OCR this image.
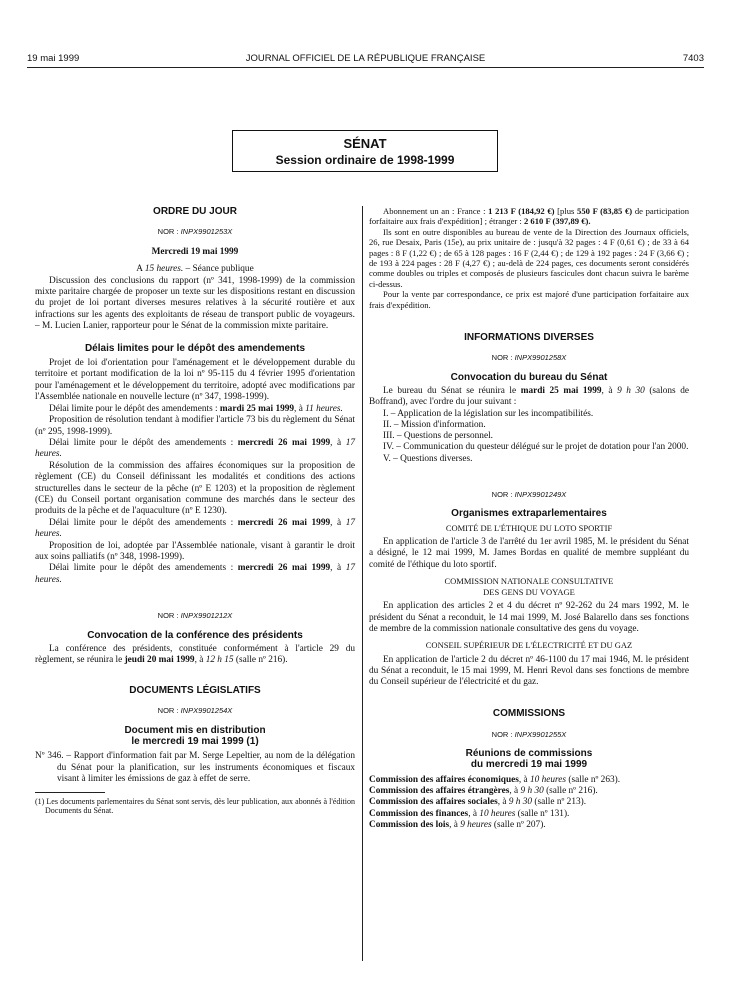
19 mai 1999	JOURNAL OFFICIEL DE LA RÉPUBLIQUE FRANÇAISE	7403
SÉNAT
Session ordinaire de 1998-1999
ORDRE DU JOUR
NOR : INPX9901253X
Mercredi 19 mai 1999
A 15 heures. – Séance publique

Discussion des conclusions du rapport (nº 341, 1998-1999) de la commission mixte paritaire chargée de proposer un texte sur les dispositions restant en discussion du projet de loi portant diverses mesures relatives à la sécurité routière et aux infractions sur les agents des exploitants de réseau de transport public de voyageurs. – M. Lucien Lanier, rapporteur pour le Sénat de la commission mixte paritaire.

Délais limites pour le dépôt des amendements

Projet de loi d'orientation pour l'aménagement et le développement durable du territoire et portant modification de la loi nº 95-115 du 4 février 1995 d'orientation pour l'aménagement et le développement du territoire, adopté avec modifications par l'Assemblée nationale en nouvelle lecture (nº 347, 1998-1999).

Délai limite pour le dépôt des amendements : mardi 25 mai 1999, à 11 heures.

Proposition de résolution tendant à modifier l'article 73 bis du règlement du Sénat (nº 295, 1998-1999).

Délai limite pour le dépôt des amendements : mercredi 26 mai 1999, à 17 heures.

Résolution de la commission des affaires économiques sur la proposition de règlement (CE) du Conseil définissant les modalités et conditions des actions structurelles dans le secteur de la pêche (nº E 1203) et la proposition de règlement (CE) du Conseil portant organisation commune des marchés dans le secteur des produits de la pêche et de l'aquaculture (nº E 1230).

Délai limite pour le dépôt des amendements : mercredi 26 mai 1999, à 17 heures.

Proposition de loi, adoptée par l'Assemblée nationale, visant à garantir le droit aux soins palliatifs (nº 348, 1998-1999).

Délai limite pour le dépôt des amendements : mercredi 26 mai 1999, à 17 heures.

NOR : INPX9901212X
Convocation de la conférence des présidents

La conférence des présidents, constituée conformément à l'article 29 du règlement, se réunira le jeudi 20 mai 1999, à 12 h 15 (salle nº 216).

DOCUMENTS LÉGISLATIFS
NOR : INPX9901254X
Document mis en distribution
le mercredi 19 mai 1999 (1)

Nº 346. – Rapport d'information fait par M. Serge Lepeltier, au nom de la délégation du Sénat pour la planification, sur les instruments économiques et fiscaux visant à limiter les émissions de gaz à effet de serre.

(1) Les documents parlementaires du Sénat sont servis, dès leur publication, aux abonnés à l'édition Documents du Sénat.

Abonnement un an : France : 1 213 F (184,92 €) [plus 550 F (83,85 €) de participation forfaitaire aux frais d'expédition] ; étranger : 2 610 F (397,89 €).

Ils sont en outre disponibles au bureau de vente de la Direction des Journaux officiels, 26, rue Desaix, Paris (15e), au prix unitaire de : jusqu'à 32 pages : 4 F (0,61 €) ; de 33 à 64 pages : 8 F (1,22 €) ; de 65 à 128 pages : 16 F (2,44 €) ; de 129 à 192 pages : 24 F (3,66 €) ; de 193 à 224 pages : 28 F (4,27 €) ; au-delà de 224 pages, ces documents seront considérés comme doubles ou triples et composés de plusieurs fascicules dont chacun suivra le barème ci-dessus.

Pour la vente par correspondance, ce prix est majoré d'une participation forfaitaire aux frais d'expédition.

INFORMATIONS DIVERSES
NOR : INPX9901258X
Convocation du bureau du Sénat

Le bureau du Sénat se réunira le mardi 25 mai 1999, à 9 h 30 (salons de Boffrand), avec l'ordre du jour suivant :

I. – Application de la législation sur les incompatibilités.

II. – Mission d'information.

III. – Questions de personnel.

IV. – Communication du questeur délégué sur le projet de dotation pour l'an 2000.

V. – Questions diverses.

NOR : INPX9901249X
Organismes extraparlementaires
COMITÉ DE L'ÉTHIQUE DU LOTO SPORTIF

En application de l'article 3 de l'arrêté du 1er avril 1985, M. le président du Sénat a désigné, le 12 mai 1999, M. James Bordas en qualité de membre suppléant du comité de l'éthique du loto sportif.

COMMISSION NATIONALE CONSULTATIVE
DES GENS DU VOYAGE

En application des articles 2 et 4 du décret nº 92-262 du 24 mars 1992, M. le président du Sénat a reconduit, le 14 mai 1999, M. José Balarello dans ses fonctions de membre de la commission nationale consultative des gens du voyage.

CONSEIL SUPÉRIEUR DE L'ÉLECTRICITÉ ET DU GAZ

En application de l'article 2 du décret nº 46-1100 du 17 mai 1946, M. le président du Sénat a reconduit, le 15 mai 1999, M. Henri Revol dans ses fonctions de membre du Conseil supérieur de l'électricité et du gaz.

COMMISSIONS
NOR : INPX9901255X
Réunions de commissions
du mercredi 19 mai 1999

Commission des affaires économiques, à 10 heures (salle nº 263).

Commission des affaires étrangères, à 9 h 30 (salle nº 216).

Commission des affaires sociales, à 9 h 30 (salle nº 213).

Commission des finances, à 10 heures (salle nº 131).

Commission des lois, à 9 heures (salle nº 207).
